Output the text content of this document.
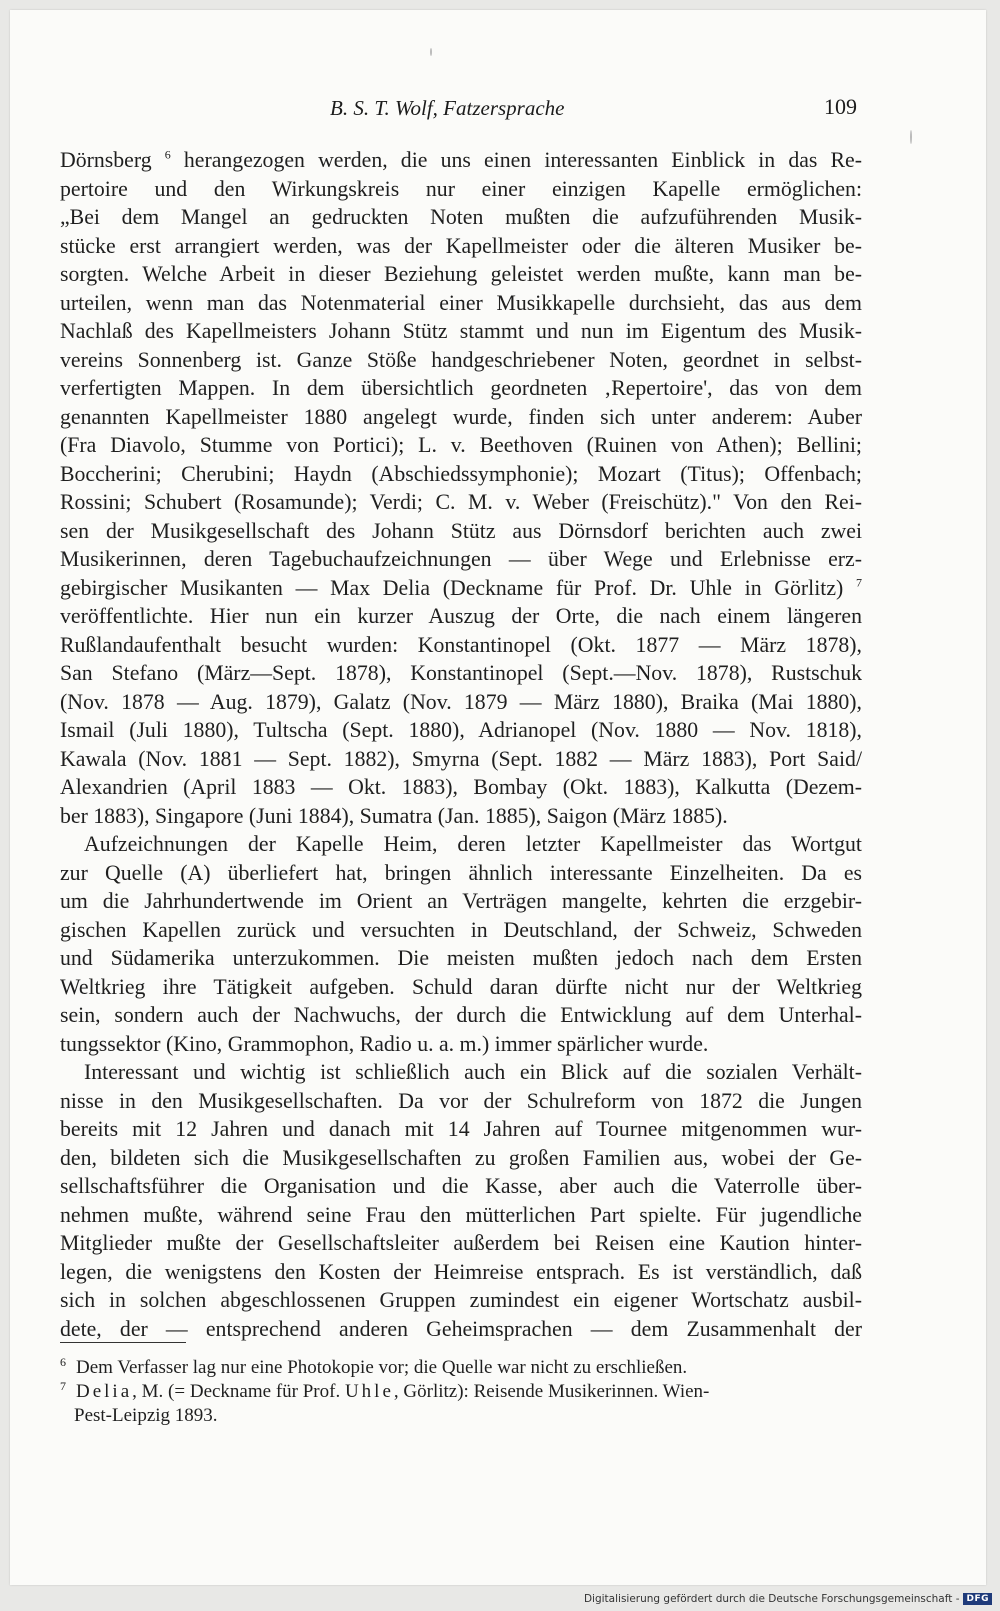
B. S. T. Wolf, Fatzersprache	109
Dörnsberg $^6$ herangezogen werden, die uns einen interessanten Einblick in das Re-
pertoire und den Wirkungskreis nur einer einzigen Kapelle ermöglichen:
„Bei dem Mangel an gedruckten Noten mußten die aufzuführenden Musik-
stücke erst arrangiert werden, was der Kapellmeister oder die älteren Musiker be-
sorgten. Welche Arbeit in dieser Beziehung geleistet werden mußte, kann man be-
urteilen, wenn man das Notenmaterial einer Musikkapelle durchsieht, das aus dem
Nachlaß des Kapellmeisters Johann Stütz stammt und nun im Eigentum des Musik-
vereins Sonnenberg ist. Ganze Stöße handgeschriebener Noten, geordnet in selbst-
verfertigten Mappen. In dem übersichtlich geordneten ‚Repertoire', das von dem
genannten Kapellmeister 1880 angelegt wurde, finden sich unter anderem: Auber
(Fra Diavolo, Stumme von Portici); L. v. Beethoven (Ruinen von Athen); Bellini;
Boccherini; Cherubini; Haydn (Abschiedssymphonie); Mozart (Titus); Offenbach;
Rossini; Schubert (Rosamunde); Verdi; C. M. v. Weber (Freischütz)." Von den Rei-
sen der Musikgesellschaft des Johann Stütz aus Dörnsdorf berichten auch zwei
Musikerinnen, deren Tagebuchaufzeichnungen — über Wege und Erlebnisse erz-
gebirgischer Musikanten — Max Delia (Deckname für Prof. Dr. Uhle in Görlitz) $^7$
veröffentlichte. Hier nun ein kurzer Auszug der Orte, die nach einem längeren
Rußlandaufenthalt besucht wurden: Konstantinopel (Okt. 1877 — März 1878),
San Stefano (März—Sept. 1878), Konstantinopel (Sept.—Nov. 1878), Rustschuk
(Nov. 1878 — Aug. 1879), Galatz (Nov. 1879 — März 1880), Braika (Mai 1880),
Ismail (Juli 1880), Tultscha (Sept. 1880), Adrianopel (Nov. 1880 — Nov. 1818),
Kawala (Nov. 1881 — Sept. 1882), Smyrna (Sept. 1882 — März 1883), Port Said/
Alexandrien (April 1883 — Okt. 1883), Bombay (Okt. 1883), Kalkutta (Dezem-
ber 1883), Singapore (Juni 1884), Sumatra (Jan. 1885), Saigon (März 1885).
Aufzeichnungen der Kapelle Heim, deren letzter Kapellmeister das Wortgut
zur Quelle (A) überliefert hat, bringen ähnlich interessante Einzelheiten. Da es
um die Jahrhundertwende im Orient an Verträgen mangelte, kehrten die erzgebir-
gischen Kapellen zurück und versuchten in Deutschland, der Schweiz, Schweden
und Südamerika unterzukommen. Die meisten mußten jedoch nach dem Ersten
Weltkrieg ihre Tätigkeit aufgeben. Schuld daran dürfte nicht nur der Weltkrieg
sein, sondern auch der Nachwuchs, der durch die Entwicklung auf dem Unterhal-
tungssektor (Kino, Grammophon, Radio u. a. m.) immer spärlicher wurde.
Interessant und wichtig ist schließlich auch ein Blick auf die sozialen Verhält-
nisse in den Musikgesellschaften. Da vor der Schulreform von 1872 die Jungen
bereits mit 12 Jahren und danach mit 14 Jahren auf Tournee mitgenommen wur-
den, bildeten sich die Musikgesellschaften zu großen Familien aus, wobei der Ge-
sellschaftsführer die Organisation und die Kasse, aber auch die Vaterrolle über-
nehmen mußte, während seine Frau den mütterlichen Part spielte. Für jugendliche
Mitglieder mußte der Gesellschaftsleiter außerdem bei Reisen eine Kaution hinter-
legen, die wenigstens den Kosten der Heimreise entsprach. Es ist verständlich, daß
sich in solchen abgeschlossenen Gruppen zumindest ein eigener Wortschatz ausbil-
dete, der — entsprechend anderen Geheimsprachen — dem Zusammenhalt der
$^6$ Dem Verfasser lag nur eine Photokopie vor; die Quelle war nicht zu erschließen.
$^7$ Delia, M. (= Deckname für Prof. Uhle, Görlitz): Reisende Musikerinnen. Wien-
Pest-Leipzig 1893.
Digitalisierung gefördert durch die Deutsche Forschungsgemeinschaft - DFG
